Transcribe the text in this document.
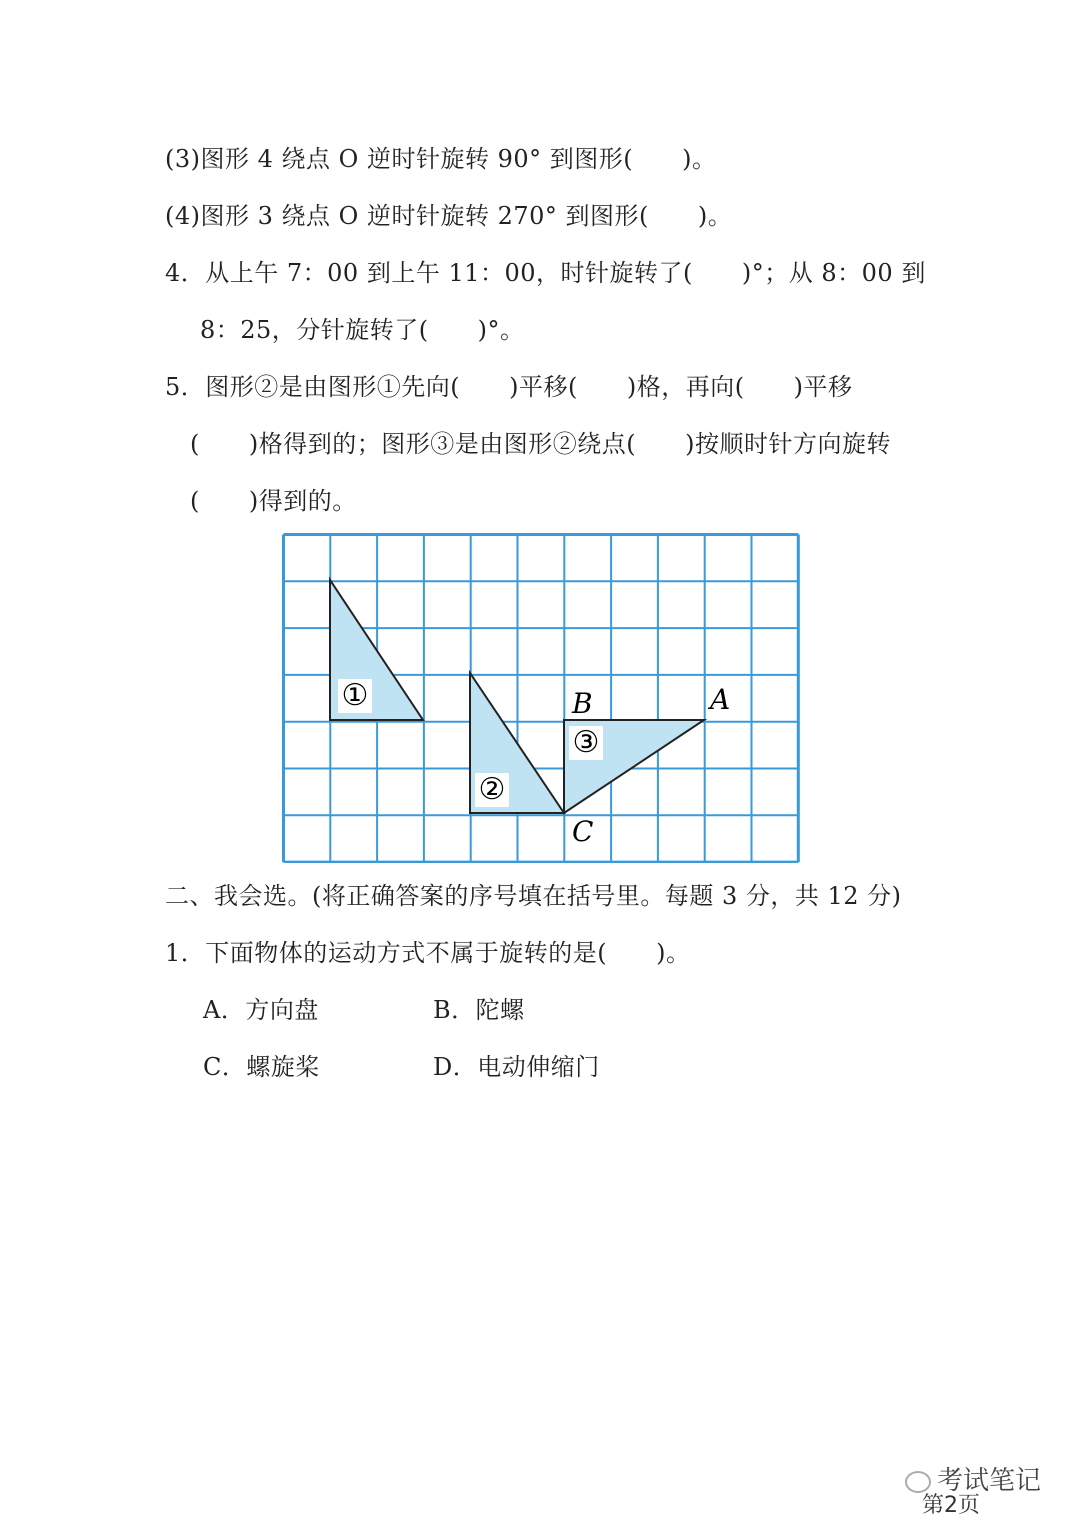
(3)图形 4 绕点 O 逆时针旋转 90° 到图形(　　)。
(4)图形 3 绕点 O 逆时针旋转 270° 到图形(　　)。
4．从上午 7：00 到上午 11：00，时针旋转了(　　)°；从 8：00 到
8：25，分针旋转了(　　)°。
5．图形②是由图形①先向(　　)平移(　　)格，再向(　　)平移
(　　)格得到的；图形③是由图形②绕点(　　)按顺时针方向旋转
(　　)得到的。
①
②
③
B	A
C
二、我会选。(将正确答案的序号填在括号里。每题 3 分，共 12 分)
1．下面物体的运动方式不属于旋转的是(　　)。
A．方向盘	B．陀螺
C．螺旋桨	D．电动伸缩门
考试笔记
第2页
